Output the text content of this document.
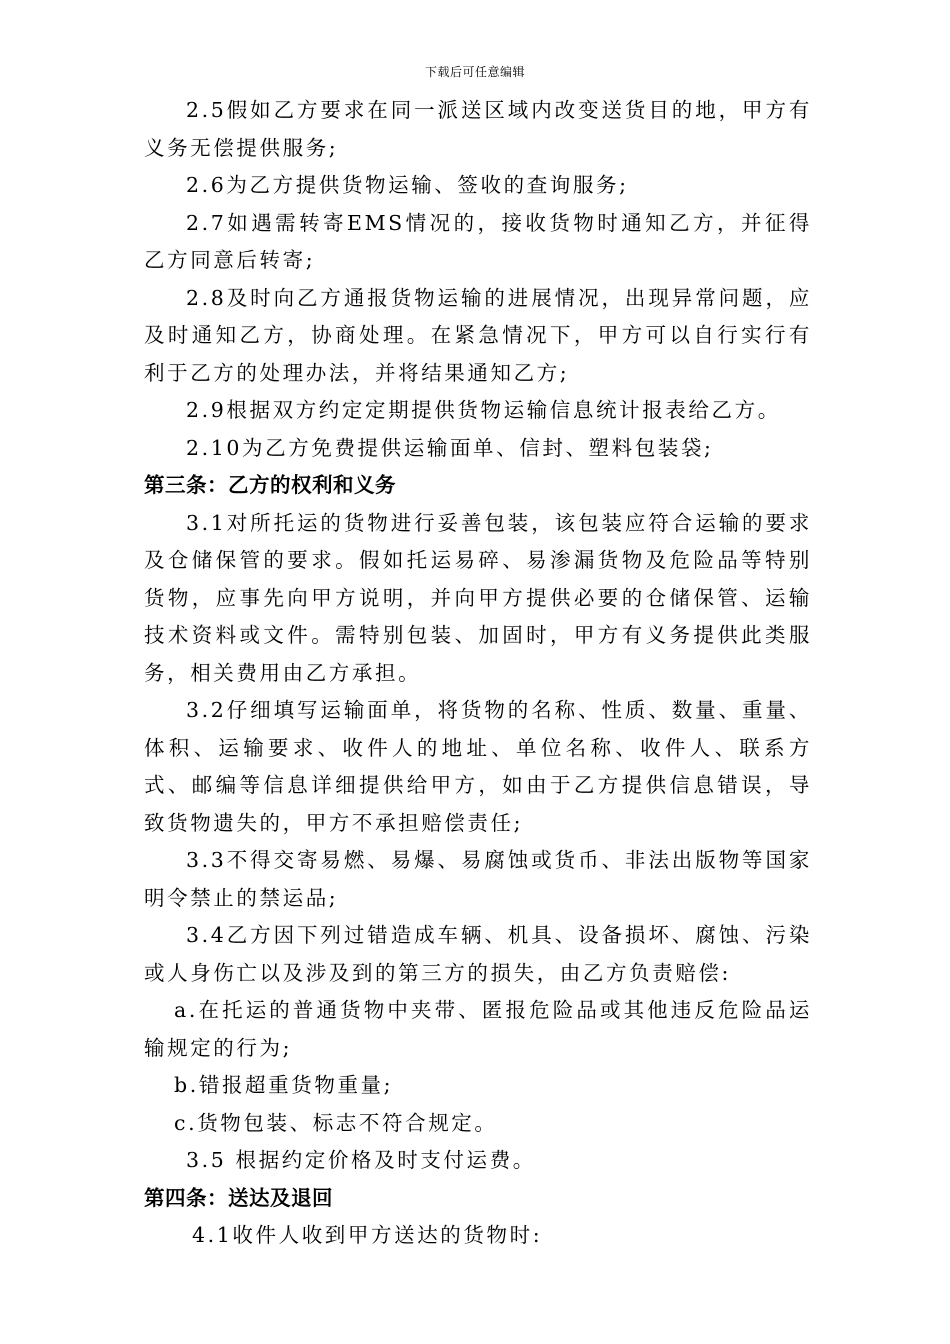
下载后可任意编辑

2.5假如乙方要求在同一派送区域内改变送货目的地，甲方有义务无偿提供服务;

2.6为乙方提供货物运输、签收的查询服务;

2.7如遇需转寄EMS情况的，接收货物时通知乙方，并征得乙方同意后转寄;

2.8及时向乙方通报货物运输的进展情况，出现异常问题，应及时通知乙方，协商处理。在紧急情况下，甲方可以自行实行有利于乙方的处理办法，并将结果通知乙方;

2.9根据双方约定定期提供货物运输信息统计报表给乙方。

2.10为乙方免费提供运输面单、信封、塑料包装袋;

第三条：乙方的权利和义务

3.1对所托运的货物进行妥善包装，该包装应符合运输的要求及仓储保管的要求。假如托运易碎、易渗漏货物及危险品等特别货物，应事先向甲方说明，并向甲方提供必要的仓储保管、运输技术资料或文件。需特别包装、加固时，甲方有义务提供此类服务，相关费用由乙方承担。

3.2仔细填写运输面单，将货物的名称、性质、数量、重量、体积、运输要求、收件人的地址、单位名称、收件人、联系方式、邮编等信息详细提供给甲方，如由于乙方提供信息错误，导致货物遗失的，甲方不承担赔偿责任;

3.3不得交寄易燃、易爆、易腐蚀或货币、非法出版物等国家明令禁止的禁运品;

3.4乙方因下列过错造成车辆、机具、设备损坏、腐蚀、污染或人身伤亡以及涉及到的第三方的损失，由乙方负责赔偿:

a.在托运的普通货物中夹带、匿报危险品或其他违反危险品运输规定的行为;

b.错报超重货物重量;

c.货物包装、标志不符合规定。

3.5 根据约定价格及时支付运费。

第四条：送达及退回

4.1收件人收到甲方送达的货物时:
